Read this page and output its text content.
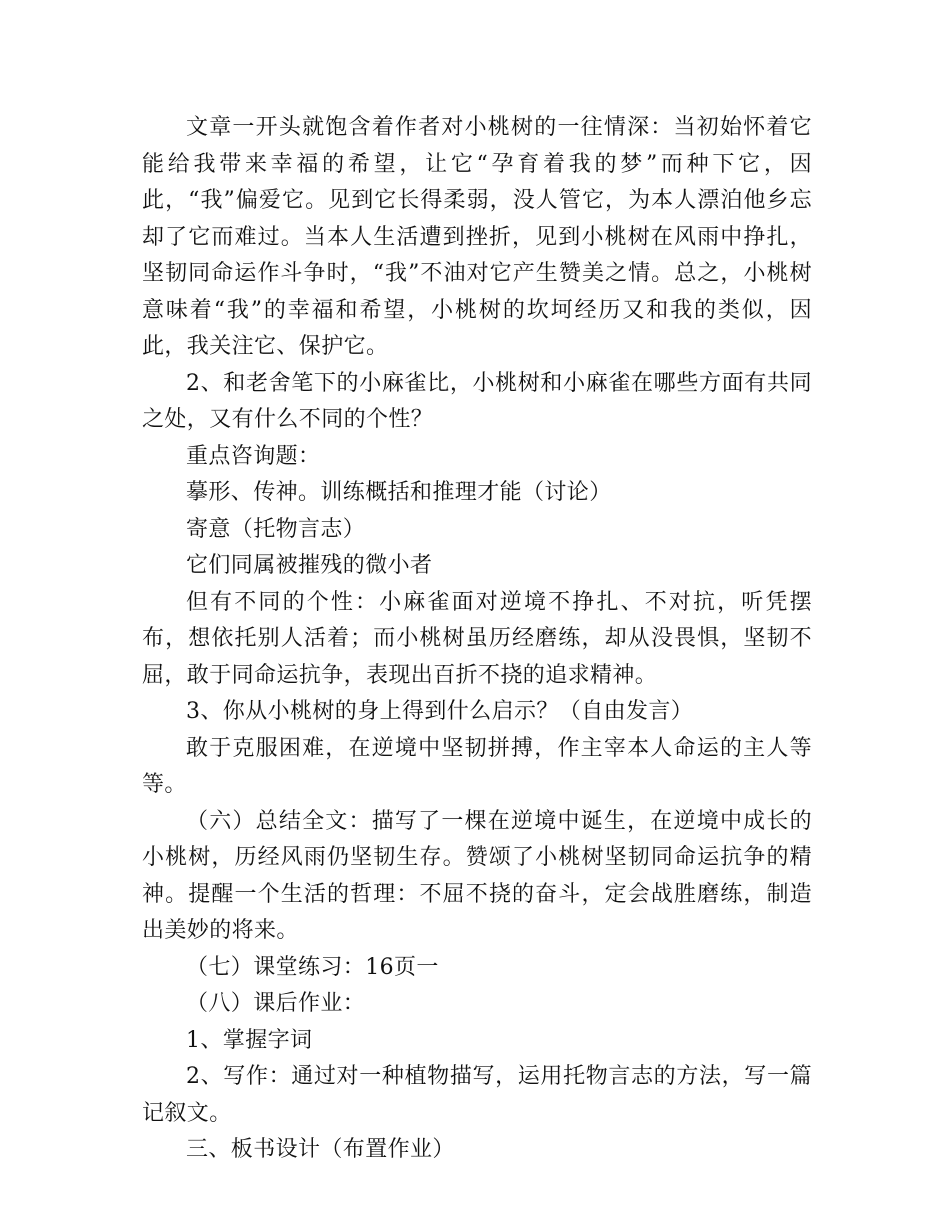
文章一开头就饱含着作者对小桃树的一往情深：当初始怀着它能给我带来幸福的希望，让它“孕育着我的梦”而种下它，因此，“我”偏爱它。见到它长得柔弱，没人管它，为本人漂泊他乡忘却了它而难过。当本人生活遭到挫折，见到小桃树在风雨中挣扎，坚韧同命运作斗争时，“我”不油对它产生赞美之情。总之，小桃树意味着“我”的幸福和希望，小桃树的坎坷经历又和我的类似，因此，我关注它、保护它。

2、和老舍笔下的小麻雀比，小桃树和小麻雀在哪些方面有共同之处，又有什么不同的个性？

重点咨询题：

摹形、传神。训练概括和推理才能（讨论）

寄意（托物言志）

它们同属被摧残的微小者

但有不同的个性：小麻雀面对逆境不挣扎、不对抗，听凭摆布，想依托别人活着；而小桃树虽历经磨练，却从没畏惧，坚韧不屈，敢于同命运抗争，表现出百折不挠的追求精神。

3、你从小桃树的身上得到什么启示？（自由发言）

敢于克服困难，在逆境中坚韧拼搏，作主宰本人命运的主人等等。

（六）总结全文：描写了一棵在逆境中诞生，在逆境中成长的小桃树，历经风雨仍坚韧生存。赞颂了小桃树坚韧同命运抗争的精神。提醒一个生活的哲理：不屈不挠的奋斗，定会战胜磨练，制造出美妙的将来。

（七）课堂练习：16页一

（八）课后作业：

1、掌握字词

2、写作：通过对一种植物描写，运用托物言志的方法，写一篇记叙文。

三、板书设计（布置作业）
